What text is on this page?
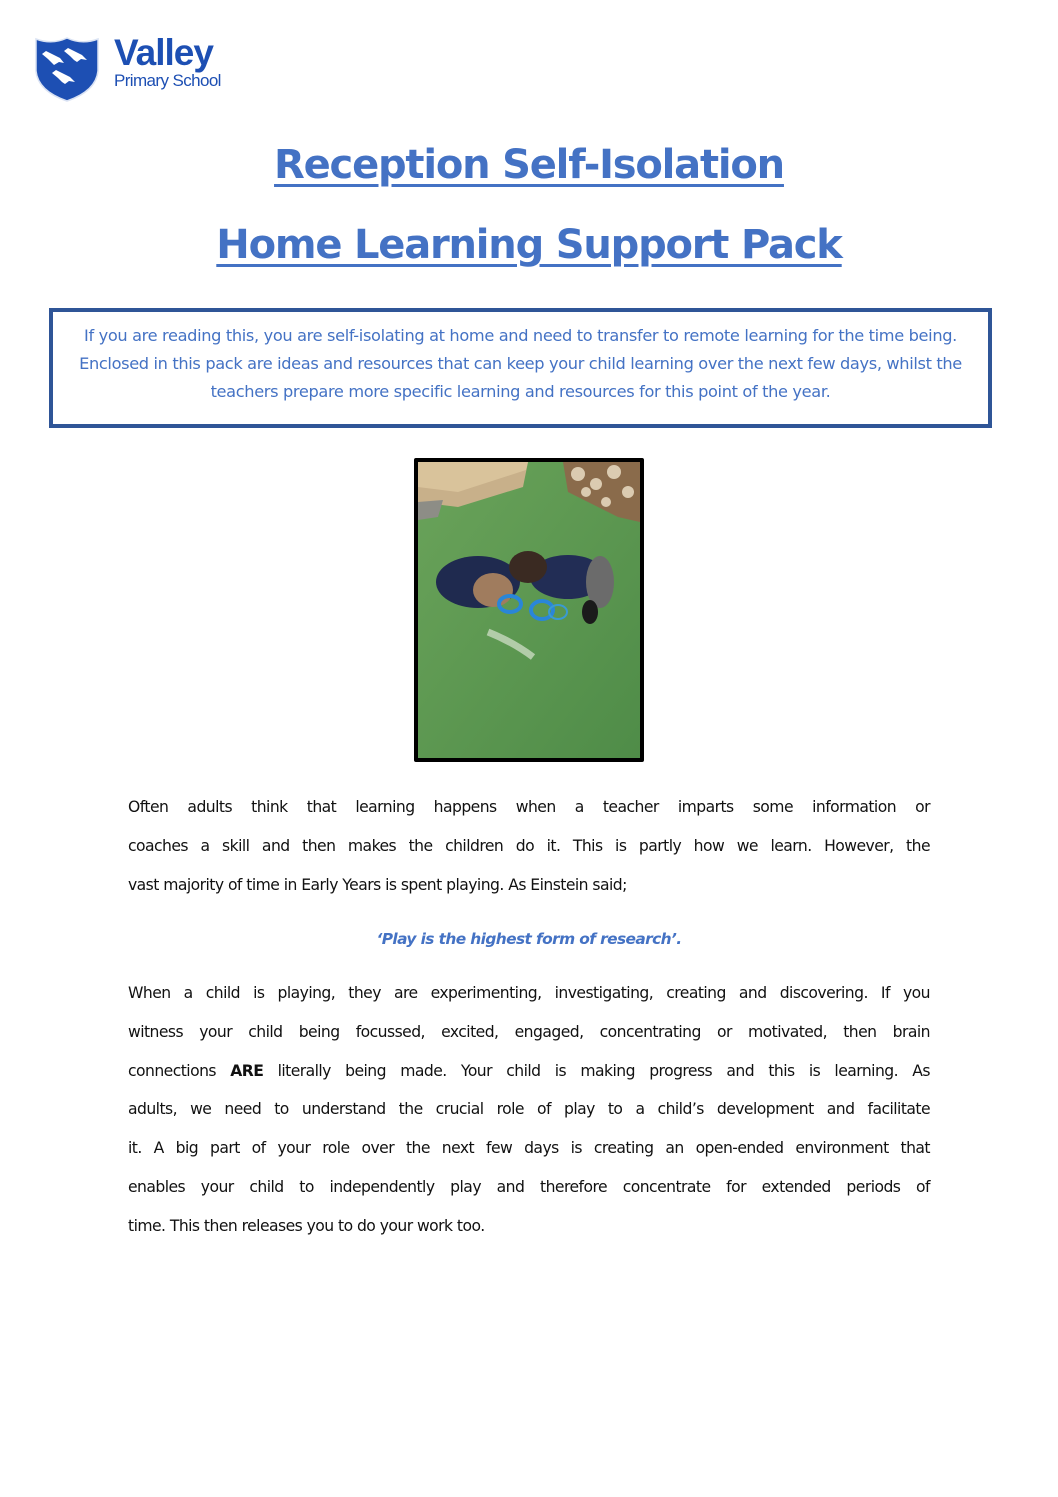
Valley
Primary School
Reception Self-Isolation
Home Learning Support Pack

If you are reading this, you are self-isolating at home and need to transfer to remote learning for the time being. Enclosed in this pack are ideas and resources that can keep your child learning over the next few days, whilst the teachers prepare more specific learning and resources for this point of the year.

Often adults think that learning happens when a teacher imparts some information or
coaches a skill and then makes the children do it. This is partly how we learn. However, the
vast majority of time in Early Years is spent playing. As Einstein said;

‘Play is the highest form of research’.

When a child is playing, they are experimenting, investigating, creating and discovering. If you
witness your child being focussed, excited, engaged, concentrating or motivated, then brain
connections ARE literally being made. Your child is making progress and this is learning. As
adults, we need to understand the crucial role of play to a child’s development and facilitate
it. A big part of your role over the next few days is creating an open-ended environment that
enables your child to independently play and therefore concentrate for extended periods of
time. This then releases you to do your work too.
